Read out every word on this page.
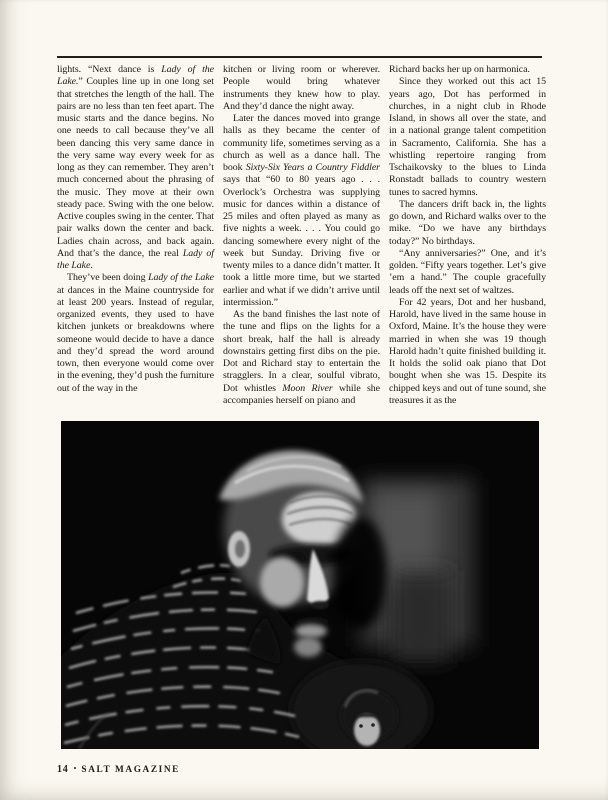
lights. “Next dance is Lady of the Lake.” Couples line up in one long set that stretches the length of the hall. The pairs are no less than ten feet apart. The music starts and the dance begins. No one needs to call because they’ve all been dancing this very same dance in the very same way every week for as long as they can remember. They aren’t much concerned about the phrasing of the music. They move at their own steady pace. Swing with the one below. Active couples swing in the center. That pair walks down the center and back. Ladies chain across, and back again. And that’s the dance, the real Lady of the Lake.

They’ve been doing Lady of the Lake at dances in the Maine countryside for at least 200 years. Instead of regular, organized events, they used to have kitchen junkets or breakdowns where someone would decide to have a dance and they’d spread the word around town, then everyone would come over in the evening, they’d push the furniture out of the way in the

kitchen or living room or wherever. People would bring whatever instruments they knew how to play. And they’d dance the night away.

Later the dances moved into grange halls as they became the center of community life, sometimes serving as a church as well as a dance hall. The book Sixty-Six Years a Country Fiddler says that “60 to 80 years ago . . . Overlock’s Orchestra was supplying music for dances within a distance of 25 miles and often played as many as five nights a week. . . . You could go dancing somewhere every night of the week but Sunday. Driving five or twenty miles to a dance didn’t matter. It took a little more time, but we started earlier and what if we didn’t arrive until intermission.”

As the band finishes the last note of the tune and flips on the lights for a short break, half the hall is already downstairs getting first dibs on the pie. Dot and Richard stay to entertain the stragglers. In a clear, soulful vibrato, Dot whistles Moon River while she accompanies herself on piano and

Richard backs her up on harmonica.

Since they worked out this act 15 years ago, Dot has performed in churches, in a night club in Rhode Island, in shows all over the state, and in a national grange talent competition in Sacramento, California. She has a whistling repertoire ranging from Tschaikovsky to the blues to Linda Ronstadt ballads to country western tunes to sacred hymns.

The dancers drift back in, the lights go down, and Richard walks over to the mike. “Do we have any birthdays today?” No birthdays.

“Any anniversaries?” One, and it’s golden. “Fifty years together. Let’s give ’em a hand.” The couple gracefully leads off the next set of waltzes.

For 42 years, Dot and her husband, Harold, have lived in the same house in Oxford, Maine. It’s the house they were married in when she was 19 though Harold hadn’t quite finished building it. It holds the solid oak piano that Dot bought when she was 15. Despite its chipped keys and out of tune sound, she treasures it as the

14 • SALT MAGAZINE
